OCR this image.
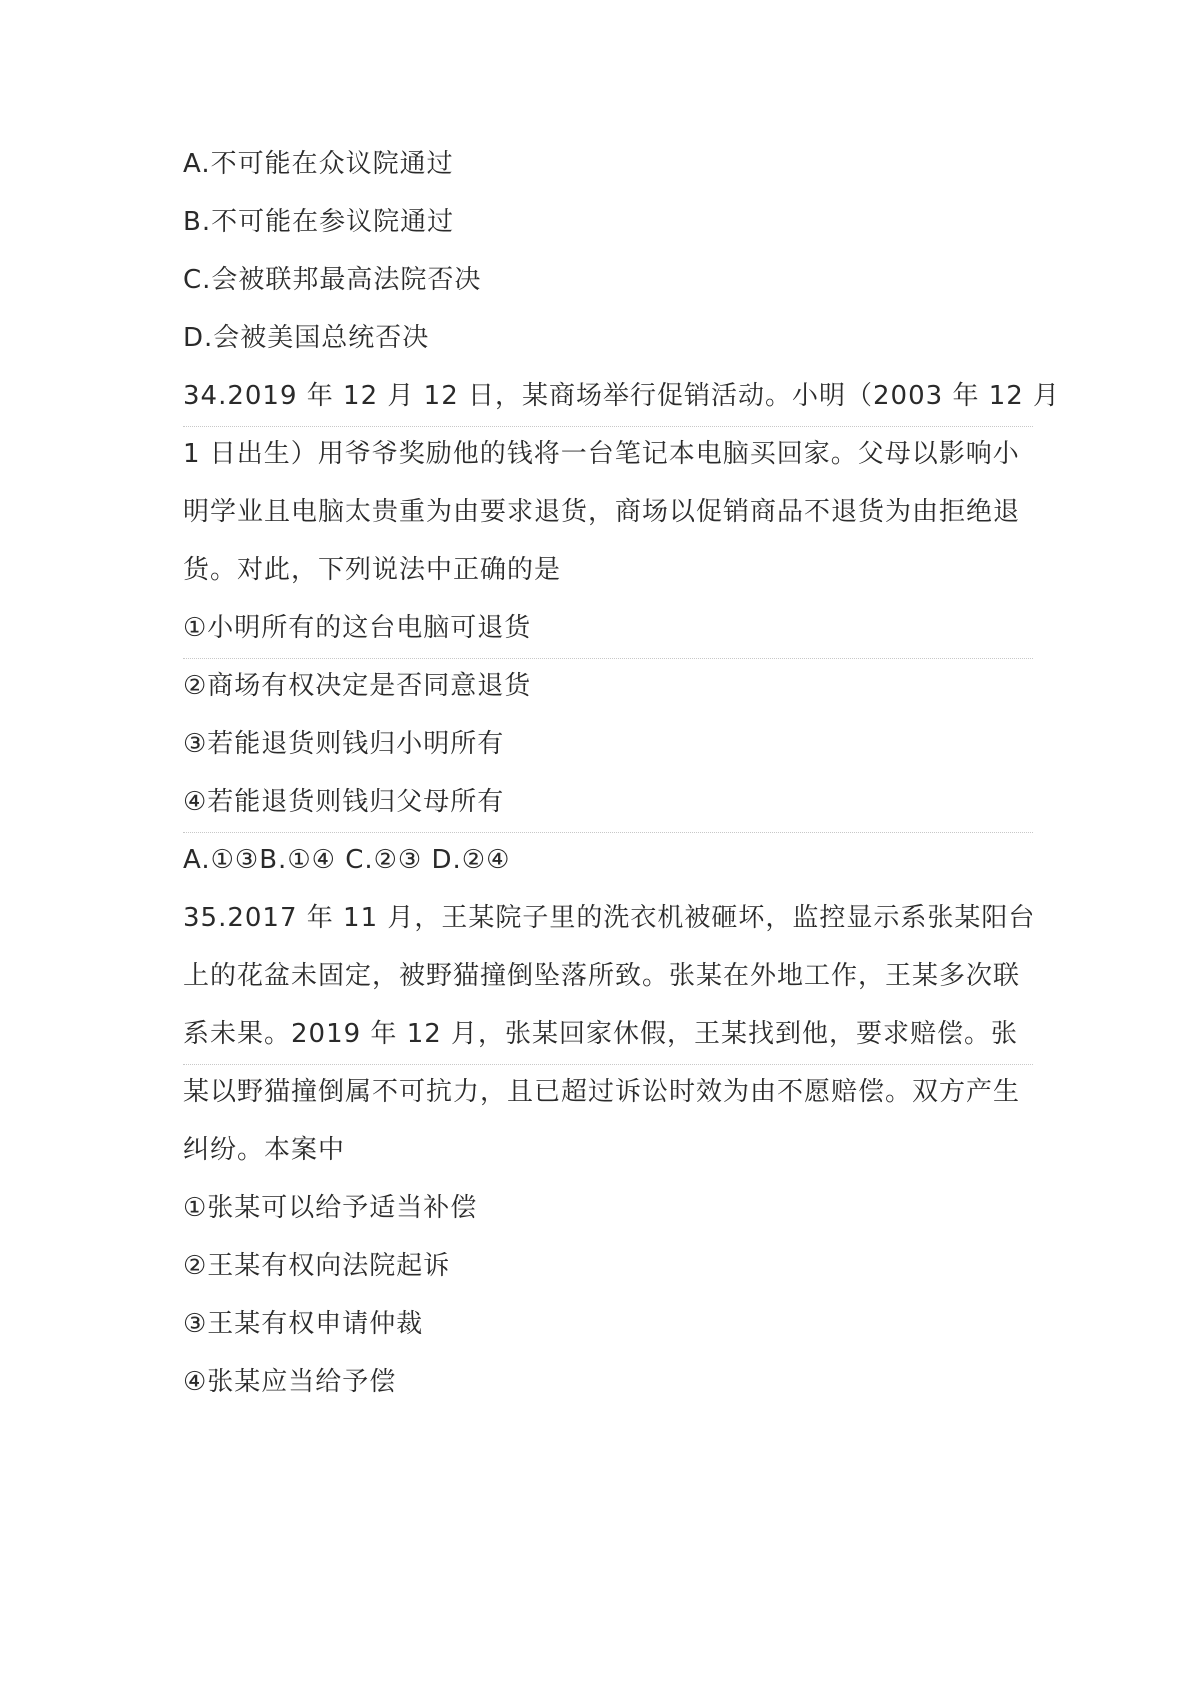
A.不可能在众议院通过
B.不可能在参议院通过
C.会被联邦最高法院否决
D.会被美国总统否决
34.2019 年 12 月 12 日，某商场举行促销活动。小明（2003 年 12 月
1 日出生）用爷爷奖励他的钱将一台笔记本电脑买回家。父母以影响小
明学业且电脑太贵重为由要求退货，商场以促销商品不退货为由拒绝退
货。对此，下列说法中正确的是
①小明所有的这台电脑可退货
②商场有权决定是否同意退货
③若能退货则钱归小明所有
④若能退货则钱归父母所有
A.①③B.①④ C.②③ D.②④
35.2017 年 11 月，王某院子里的洗衣机被砸坏，监控显示系张某阳台
上的花盆未固定，被野猫撞倒坠落所致。张某在外地工作，王某多次联
系未果。2019 年 12 月，张某回家休假，王某找到他，要求赔偿。张
某以野猫撞倒属不可抗力，且已超过诉讼时效为由不愿赔偿。双方产生
纠纷。本案中
①张某可以给予适当补偿
②王某有权向法院起诉
③王某有权申请仲裁
④张某应当给予偿
